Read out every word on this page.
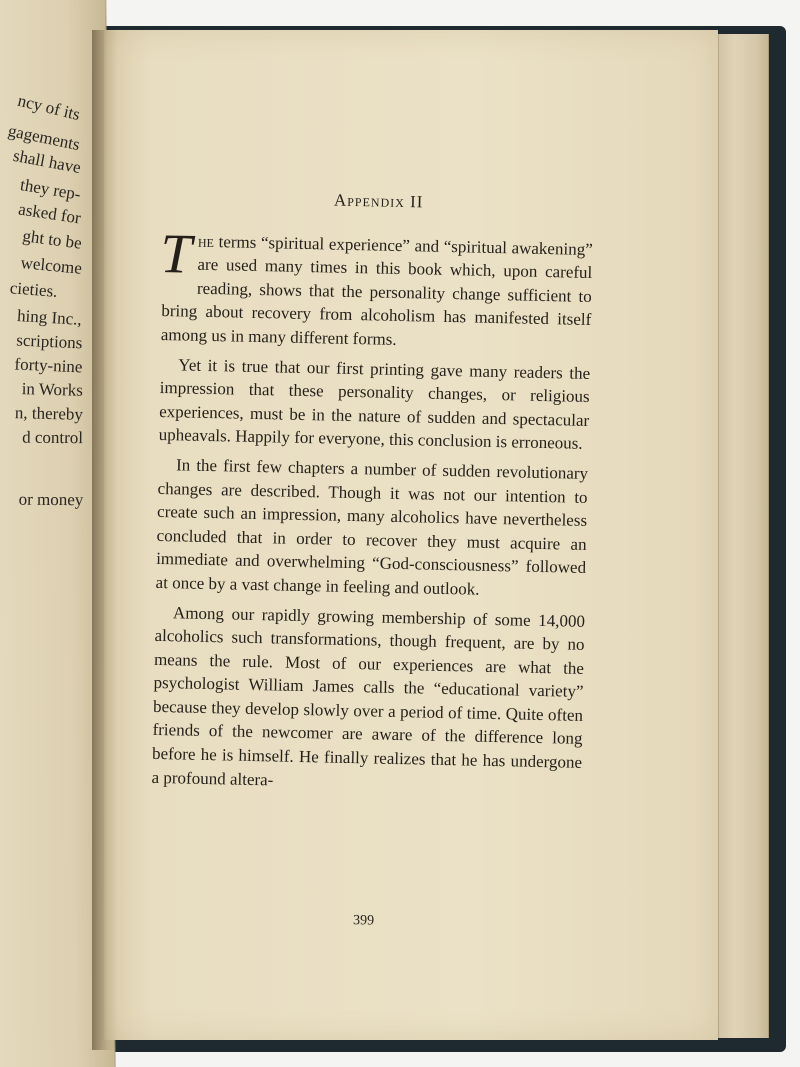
ncy of its
gagements
shall have
they rep-
asked for
ght to be
welcome
cieties.
hing Inc.,
scriptions
forty-nine
in Works
n, thereby
d control
or money
Appendix II

The terms “spiritual experience” and “spiritual awakening” are used many times in this book which, upon careful reading, shows that the personality change sufficient to bring about recovery from alcoholism has manifested itself among us in many different forms.

Yet it is true that our first printing gave many readers the impression that these personality changes, or religious experiences, must be in the nature of sudden and spectacular upheavals. Happily for everyone, this conclusion is erroneous.

In the first few chapters a number of sudden revolutionary changes are described. Though it was not our intention to create such an impression, many alcoholics have nevertheless concluded that in order to recover they must acquire an immediate and overwhelming “God-consciousness” followed at once by a vast change in feeling and outlook.

Among our rapidly growing membership of some 14,000 alcoholics such transformations, though frequent, are by no means the rule. Most of our experiences are what the psychologist William James calls the “educational variety” because they develop slowly over a period of time. Quite often friends of the newcomer are aware of the difference long before he is himself. He finally realizes that he has undergone a profound altera-

399
